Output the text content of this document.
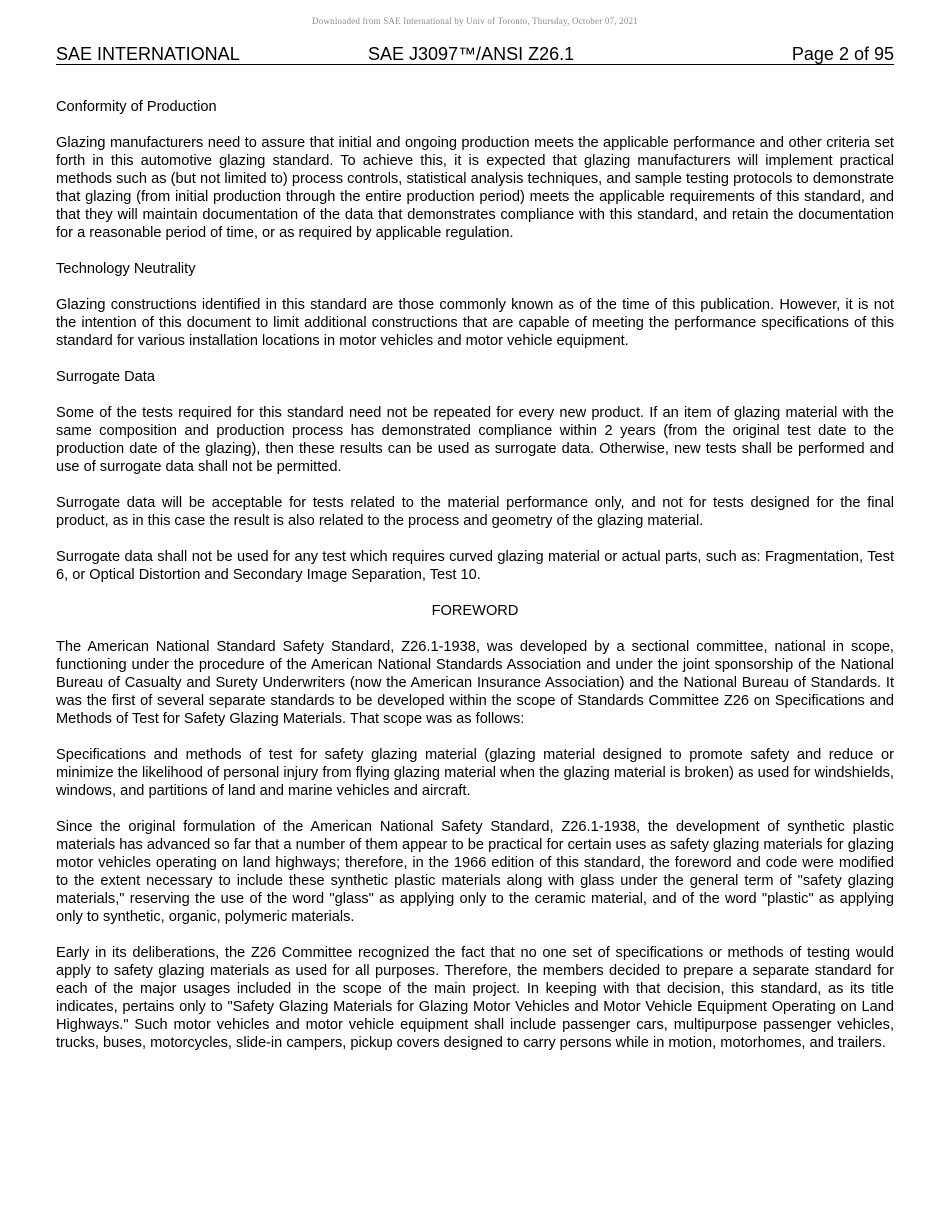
Downloaded from SAE International by Univ of Toronto, Thursday, October 07, 2021
SAE INTERNATIONAL	SAE J3097™/ANSI Z26.1	Page 2 of 95

Conformity of Production

Glazing manufacturers need to assure that initial and ongoing production meets the applicable performance and other criteria set forth in this automotive glazing standard. To achieve this, it is expected that glazing manufacturers will implement practical methods such as (but not limited to) process controls, statistical analysis techniques, and sample testing protocols to demonstrate that glazing (from initial production through the entire production period) meets the applicable requirements of this standard, and that they will maintain documentation of the data that demonstrates compliance with this standard, and retain the documentation for a reasonable period of time, or as required by applicable regulation.

Technology Neutrality

Glazing constructions identified in this standard are those commonly known as of the time of this publication. However, it is not the intention of this document to limit additional constructions that are capable of meeting the performance specifications of this standard for various installation locations in motor vehicles and motor vehicle equipment.

Surrogate Data

Some of the tests required for this standard need not be repeated for every new product. If an item of glazing material with the same composition and production process has demonstrated compliance within 2 years (from the original test date to the production date of the glazing), then these results can be used as surrogate data. Otherwise, new tests shall be performed and use of surrogate data shall not be permitted.

Surrogate data will be acceptable for tests related to the material performance only, and not for tests designed for the final product, as in this case the result is also related to the process and geometry of the glazing material.

Surrogate data shall not be used for any test which requires curved glazing material or actual parts, such as: Fragmentation, Test 6, or Optical Distortion and Secondary Image Separation, Test 10.

FOREWORD

The American National Standard Safety Standard, Z26.1-1938, was developed by a sectional committee, national in scope, functioning under the procedure of the American National Standards Association and under the joint sponsorship of the National Bureau of Casualty and Surety Underwriters (now the American Insurance Association) and the National Bureau of Standards. It was the first of several separate standards to be developed within the scope of Standards Committee Z26 on Specifications and Methods of Test for Safety Glazing Materials. That scope was as follows:

Specifications and methods of test for safety glazing material (glazing material designed to promote safety and reduce or minimize the likelihood of personal injury from flying glazing material when the glazing material is broken) as used for windshields, windows, and partitions of land and marine vehicles and aircraft.

Since the original formulation of the American National Safety Standard, Z26.1-1938, the development of synthetic plastic materials has advanced so far that a number of them appear to be practical for certain uses as safety glazing materials for glazing motor vehicles operating on land highways; therefore, in the 1966 edition of this standard, the foreword and code were modified to the extent necessary to include these synthetic plastic materials along with glass under the general term of "safety glazing materials," reserving the use of the word "glass" as applying only to the ceramic material, and of the word "plastic" as applying only to synthetic, organic, polymeric materials.

Early in its deliberations, the Z26 Committee recognized the fact that no one set of specifications or methods of testing would apply to safety glazing materials as used for all purposes. Therefore, the members decided to prepare a separate standard for each of the major usages included in the scope of the main project. In keeping with that decision, this standard, as its title indicates, pertains only to "Safety Glazing Materials for Glazing Motor Vehicles and Motor Vehicle Equipment Operating on Land Highways." Such motor vehicles and motor vehicle equipment shall include passenger cars, multipurpose passenger vehicles, trucks, buses, motorcycles, slide-in campers, pickup covers designed to carry persons while in motion, motorhomes, and trailers.
